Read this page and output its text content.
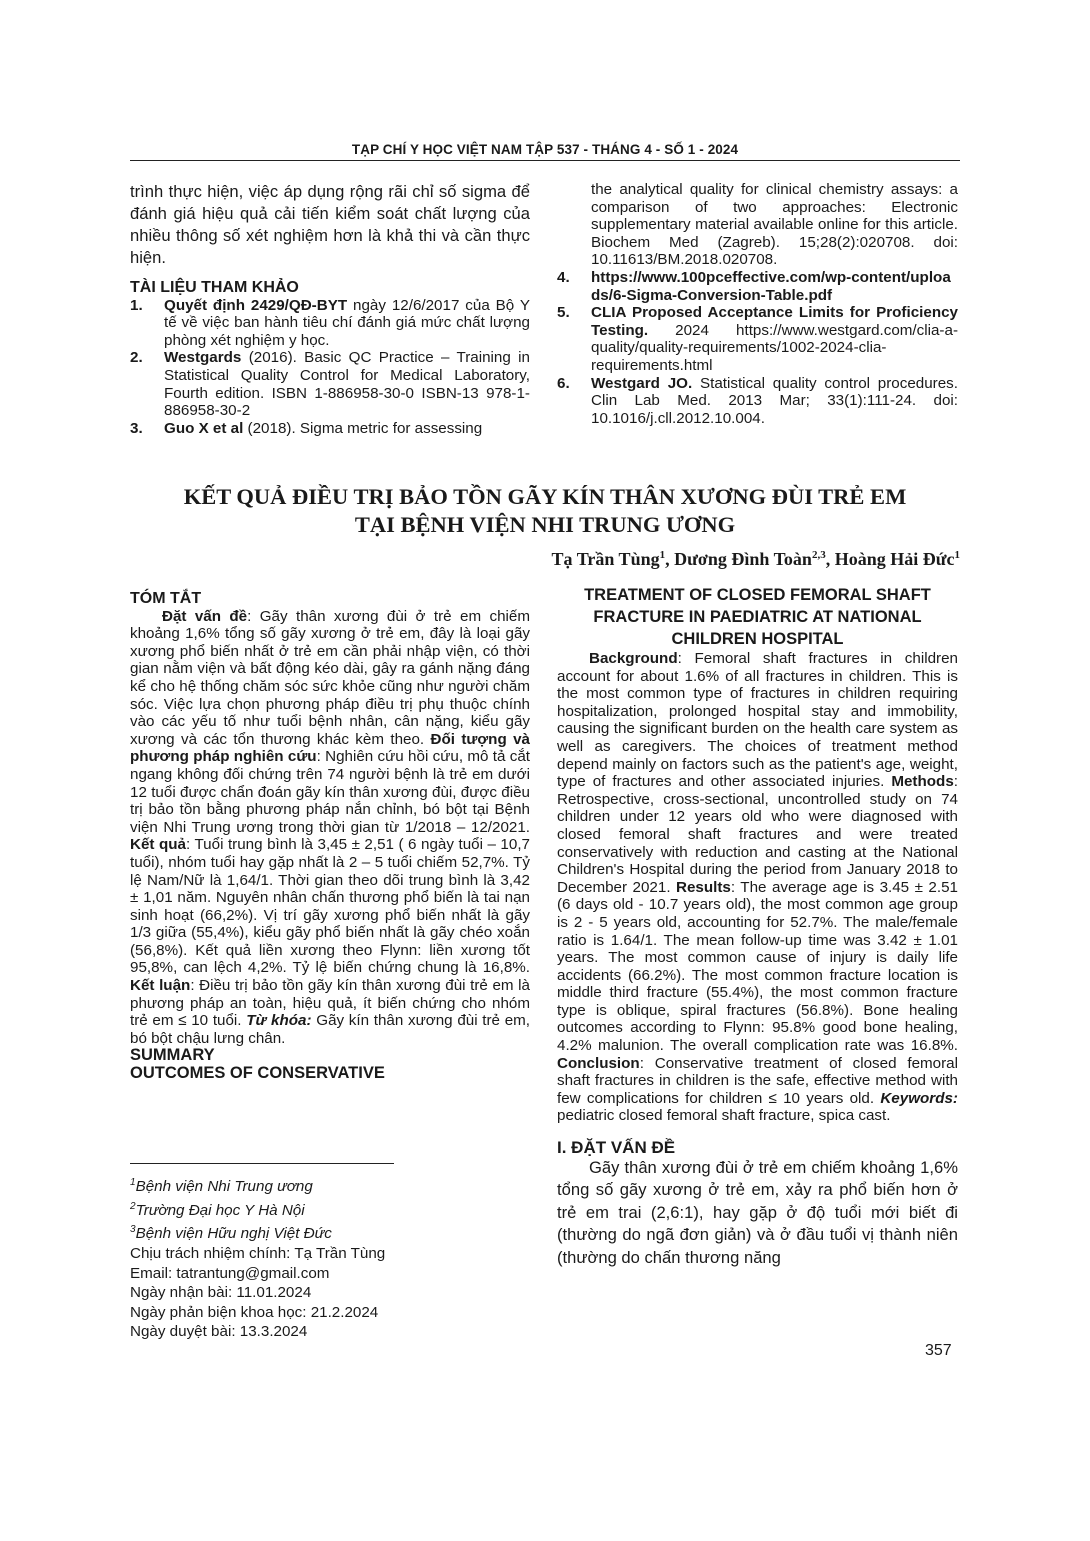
TẠP CHÍ Y HỌC VIỆT NAM TẬP 537 - THÁNG 4 - SỐ 1 - 2024

trình thực hiện, việc áp dụng rộng rãi chỉ số sigma để đánh giá hiệu quả cải tiến kiểm soát chất lượng của nhiều thông số xét nghiệm hơn là khả thi và cần thực hiện.

TÀI LIỆU THAM KHẢO

1. Quyết định 2429/QĐ-BYT ngày 12/6/2017 của Bộ Y tế về việc ban hành tiêu chí đánh giá mức chất lượng phòng xét nghiệm y học.
2. Westgards (2016). Basic QC Practice – Training in Statistical Quality Control for Medical Laboratory, Fourth edition. ISBN 1-886958-30-0 ISBN-13 978-1-886958-30-2
3. Guo X et al (2018). Sigma metric for assessing
the analytical quality for clinical chemistry assays: a comparison of two approaches: Electronic supplementary material available online for this article. Biochem Med (Zagreb). 15;28(2):020708. doi: 10.11613/BM.2018.020708.
4. https://www.100pceffective.com/wp-content/uploads/6-Sigma-Conversion-Table.pdf
5. CLIA Proposed Acceptance Limits for Proficiency Testing. 2024 https://www.westgard.com/clia-a-quality/quality-requirements/1002-2024-clia-requirements.html
6. Westgard JO. Statistical quality control procedures. Clin Lab Med. 2013 Mar; 33(1):111-24. doi: 10.1016/j.cll.2012.10.004.
KẾT QUẢ ĐIỀU TRỊ BẢO TỒN GÃY KÍN THÂN XƯƠNG ĐÙI TRẺ EM
TẠI BỆNH VIỆN NHI TRUNG ƯƠNG
Tạ Trần Tùng$^1$, Dương Đình Toàn$^{2,3}$, Hoàng Hải Đức$^1$

TÓM TẮT

Đặt vấn đề: Gãy thân xương đùi ở trẻ em chiếm khoảng 1,6% tổng số gãy xương ở trẻ em, đây là loại gãy xương phổ biến nhất ở trẻ em cần phải nhập viện, có thời gian nằm viện và bất động kéo dài, gây ra gánh nặng đáng kể cho hệ thống chăm sóc sức khỏe cũng như người chăm sóc. Việc lựa chọn phương pháp điều trị phụ thuộc chính vào các yếu tố như tuổi bệnh nhân, cân nặng, kiểu gãy xương và các tổn thương khác kèm theo. Đối tượng và phương pháp nghiên cứu: Nghiên cứu hồi cứu, mô tả cắt ngang không đối chứng trên 74 người bệnh là trẻ em dưới 12 tuổi được chẩn đoán gãy kín thân xương đùi, được điều trị bảo tồn bằng phương pháp nắn chỉnh, bó bột tại Bệnh viện Nhi Trung ương trong thời gian từ 1/2018 – 12/2021. Kết quả: Tuổi trung bình là 3,45 ± 2,51 ( 6 ngày tuổi – 10,7 tuổi), nhóm tuổi hay gặp nhất là 2 – 5 tuổi chiếm 52,7%. Tỷ lệ Nam/Nữ là 1,64/1. Thời gian theo dõi trung bình là 3,42 ± 1,01 năm. Nguyên nhân chấn thương phổ biến là tai nạn sinh hoạt (66,2%). Vị trí gãy xương phổ biến nhất là gãy 1/3 giữa (55,4%), kiểu gãy phổ biến nhất là gãy chéo xoắn (56,8%). Kết quả liền xương theo Flynn: liền xương tốt 95,8%, can lệch 4,2%. Tỷ lệ biến chứng chung là 16,8%. Kết luận: Điều trị bảo tồn gãy kín thân xương đùi trẻ em là phương pháp an toàn, hiệu quả, ít biến chứng cho nhóm trẻ em ≤ 10 tuổi. Từ khóa: Gãy kín thân xương đùi trẻ em, bó bột chậu lưng chân.

SUMMARY

OUTCOMES OF CONSERVATIVE

$^1$Bệnh viện Nhi Trung ương
$^2$Trường Đại học Y Hà Nội
$^3$Bệnh viện Hữu nghị Việt Đức
Chịu trách nhiệm chính: Tạ Trần Tùng
Email: tatrantung@gmail.com
Ngày nhận bài: 11.01.2024
Ngày phản biện khoa học: 21.2.2024
Ngày duyệt bài: 13.3.2024

TREATMENT OF CLOSED FEMORAL SHAFT FRACTURE IN PAEDIATRIC AT NATIONAL CHILDREN HOSPITAL

Background: Femoral shaft fractures in children account for about 1.6% of all fractures in children. This is the most common type of fractures in children requiring hospitalization, prolonged hospital stay and immobility, causing the significant burden on the health care system as well as caregivers. The choices of treatment method depend mainly on factors such as the patient's age, weight, type of fractures and other associated injuries. Methods: Retrospective, cross-sectional, uncontrolled study on 74 children under 12 years old who were diagnosed with closed femoral shaft fractures and were treated conservatively with reduction and casting at the National Children's Hospital during the period from January 2018 to December 2021. Results: The average age is 3.45 ± 2.51 (6 days old - 10.7 years old), the most common age group is 2 - 5 years old, accounting for 52.7%. The male/female ratio is 1.64/1. The mean follow-up time was 3.42 ± 1.01 years. The most common cause of injury is daily life accidents (66.2%). The most common fracture location is middle third fracture (55.4%), the most common fracture type is oblique, spiral fractures (56.8%). Bone healing outcomes according to Flynn: 95.8% good bone healing, 4.2% malunion. The overall complication rate was 16.8%. Conclusion: Conservative treatment of closed femoral shaft fractures in children is the safe, effective method with few complications for children ≤ 10 years old. Keywords: pediatric closed femoral shaft fracture, spica cast.

I. ĐẶT VẤN ĐỀ

Gãy thân xương đùi ở trẻ em chiếm khoảng 1,6% tổng số gãy xương ở trẻ em, xảy ra phổ biến hơn ở trẻ em trai (2,6:1), hay gặp ở độ tuổi mới biết đi (thường do ngã đơn giản) và ở đầu tuổi vị thành niên (thường do chấn thương năng

357
